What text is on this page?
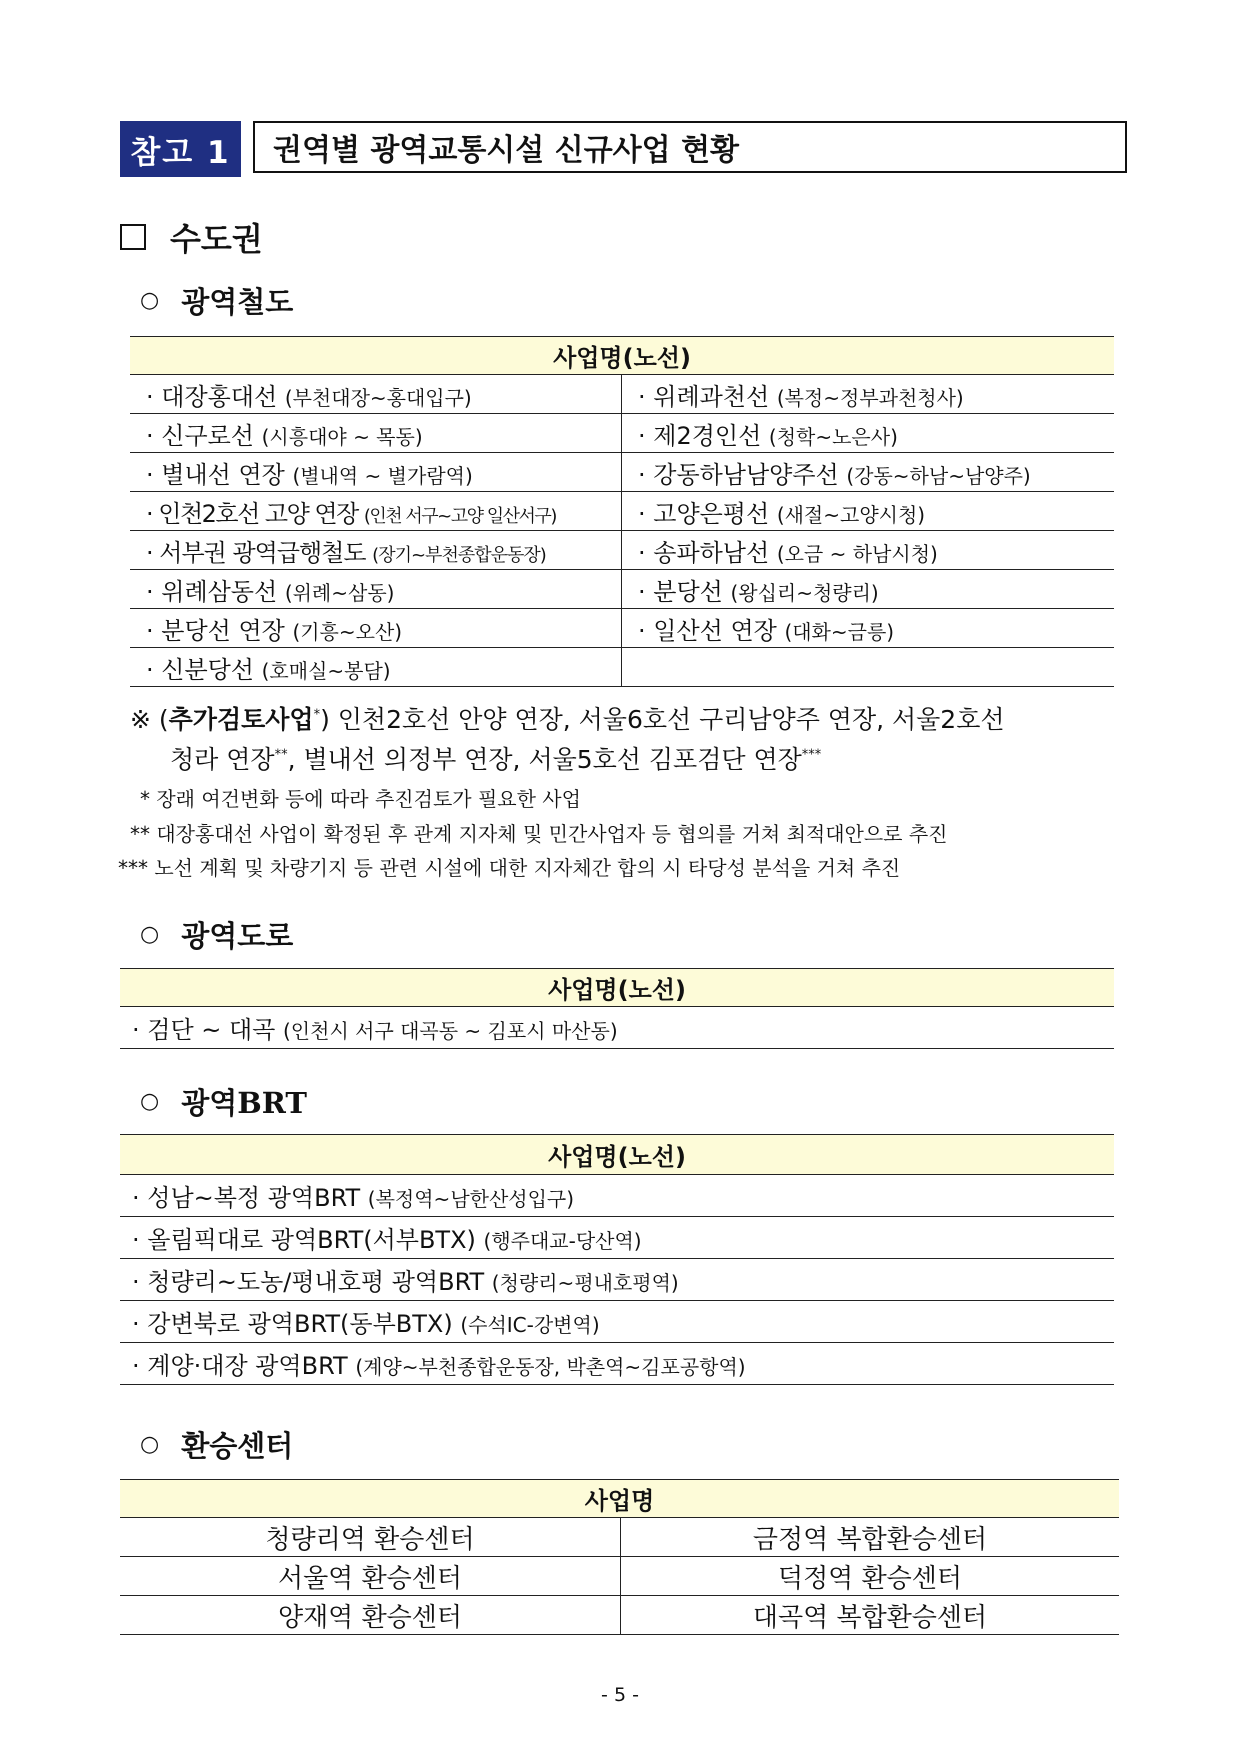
참고 1	권역별 광역교통시설 신규사업 현황
수도권
○ 광역철도
사업명(노선)	
· 대장홍대선 (부천대장~홍대입구)	· 위례과천선 (복정~정부과천청사)
· 신구로선 (시흥대야 ~ 목동)	· 제2경인선 (청학~노은사)
· 별내선 연장 (별내역 ~ 별가람역)	· 강동하남남양주선 (강동~하남~남양주)
· 인천2호선 고양 연장 (인천 서구~고양 일산서구)	· 고양은평선 (새절~고양시청)
· 서부권 광역급행철도 (장기~부천종합운동장)	· 송파하남선 (오금 ~ 하남시청)
· 위례삼동선 (위례~삼동)	· 분당선 (왕십리~청량리)
· 분당선 연장 (기흥~오산)	· 일산선 연장 (대화~금릉)
· 신분당선 (호매실~봉담)	
※ (추가검토사업*) 인천2호선 안양 연장, 서울6호선 구리남양주 연장, 서울2호선
청라 연장**, 별내선 의정부 연장, 서울5호선 김포검단 연장***
* 장래 여건변화 등에 따라 추진검토가 필요한 사업
** 대장홍대선 사업이 확정된 후 관계 지자체 및 민간사업자 등 협의를 거쳐 최적대안으로 추진
*** 노선 계획 및 차량기지 등 관련 시설에 대한 지자체간 합의 시 타당성 분석을 거쳐 추진
○ 광역도로
사업명(노선)
· 검단 ~ 대곡 (인천시 서구 대곡동 ~ 김포시 마산동)
○ 광역BRT
사업명(노선)
· 성남~복정 광역BRT (복정역~남한산성입구)
· 올림픽대로 광역BRT(서부BTX) (행주대교-당산역)
· 청량리~도농/평내호평 광역BRT (청량리~평내호평역)
· 강변북로 광역BRT(동부BTX) (수석IC-강변역)
· 계양·대장 광역BRT (계양~부천종합운동장, 박촌역~김포공항역)
○ 환승센터
사업명	
청량리역 환승센터	금정역 복합환승센터
서울역 환승센터	덕정역 환승센터
양재역 환승센터	대곡역 복합환승센터
- 5 -
